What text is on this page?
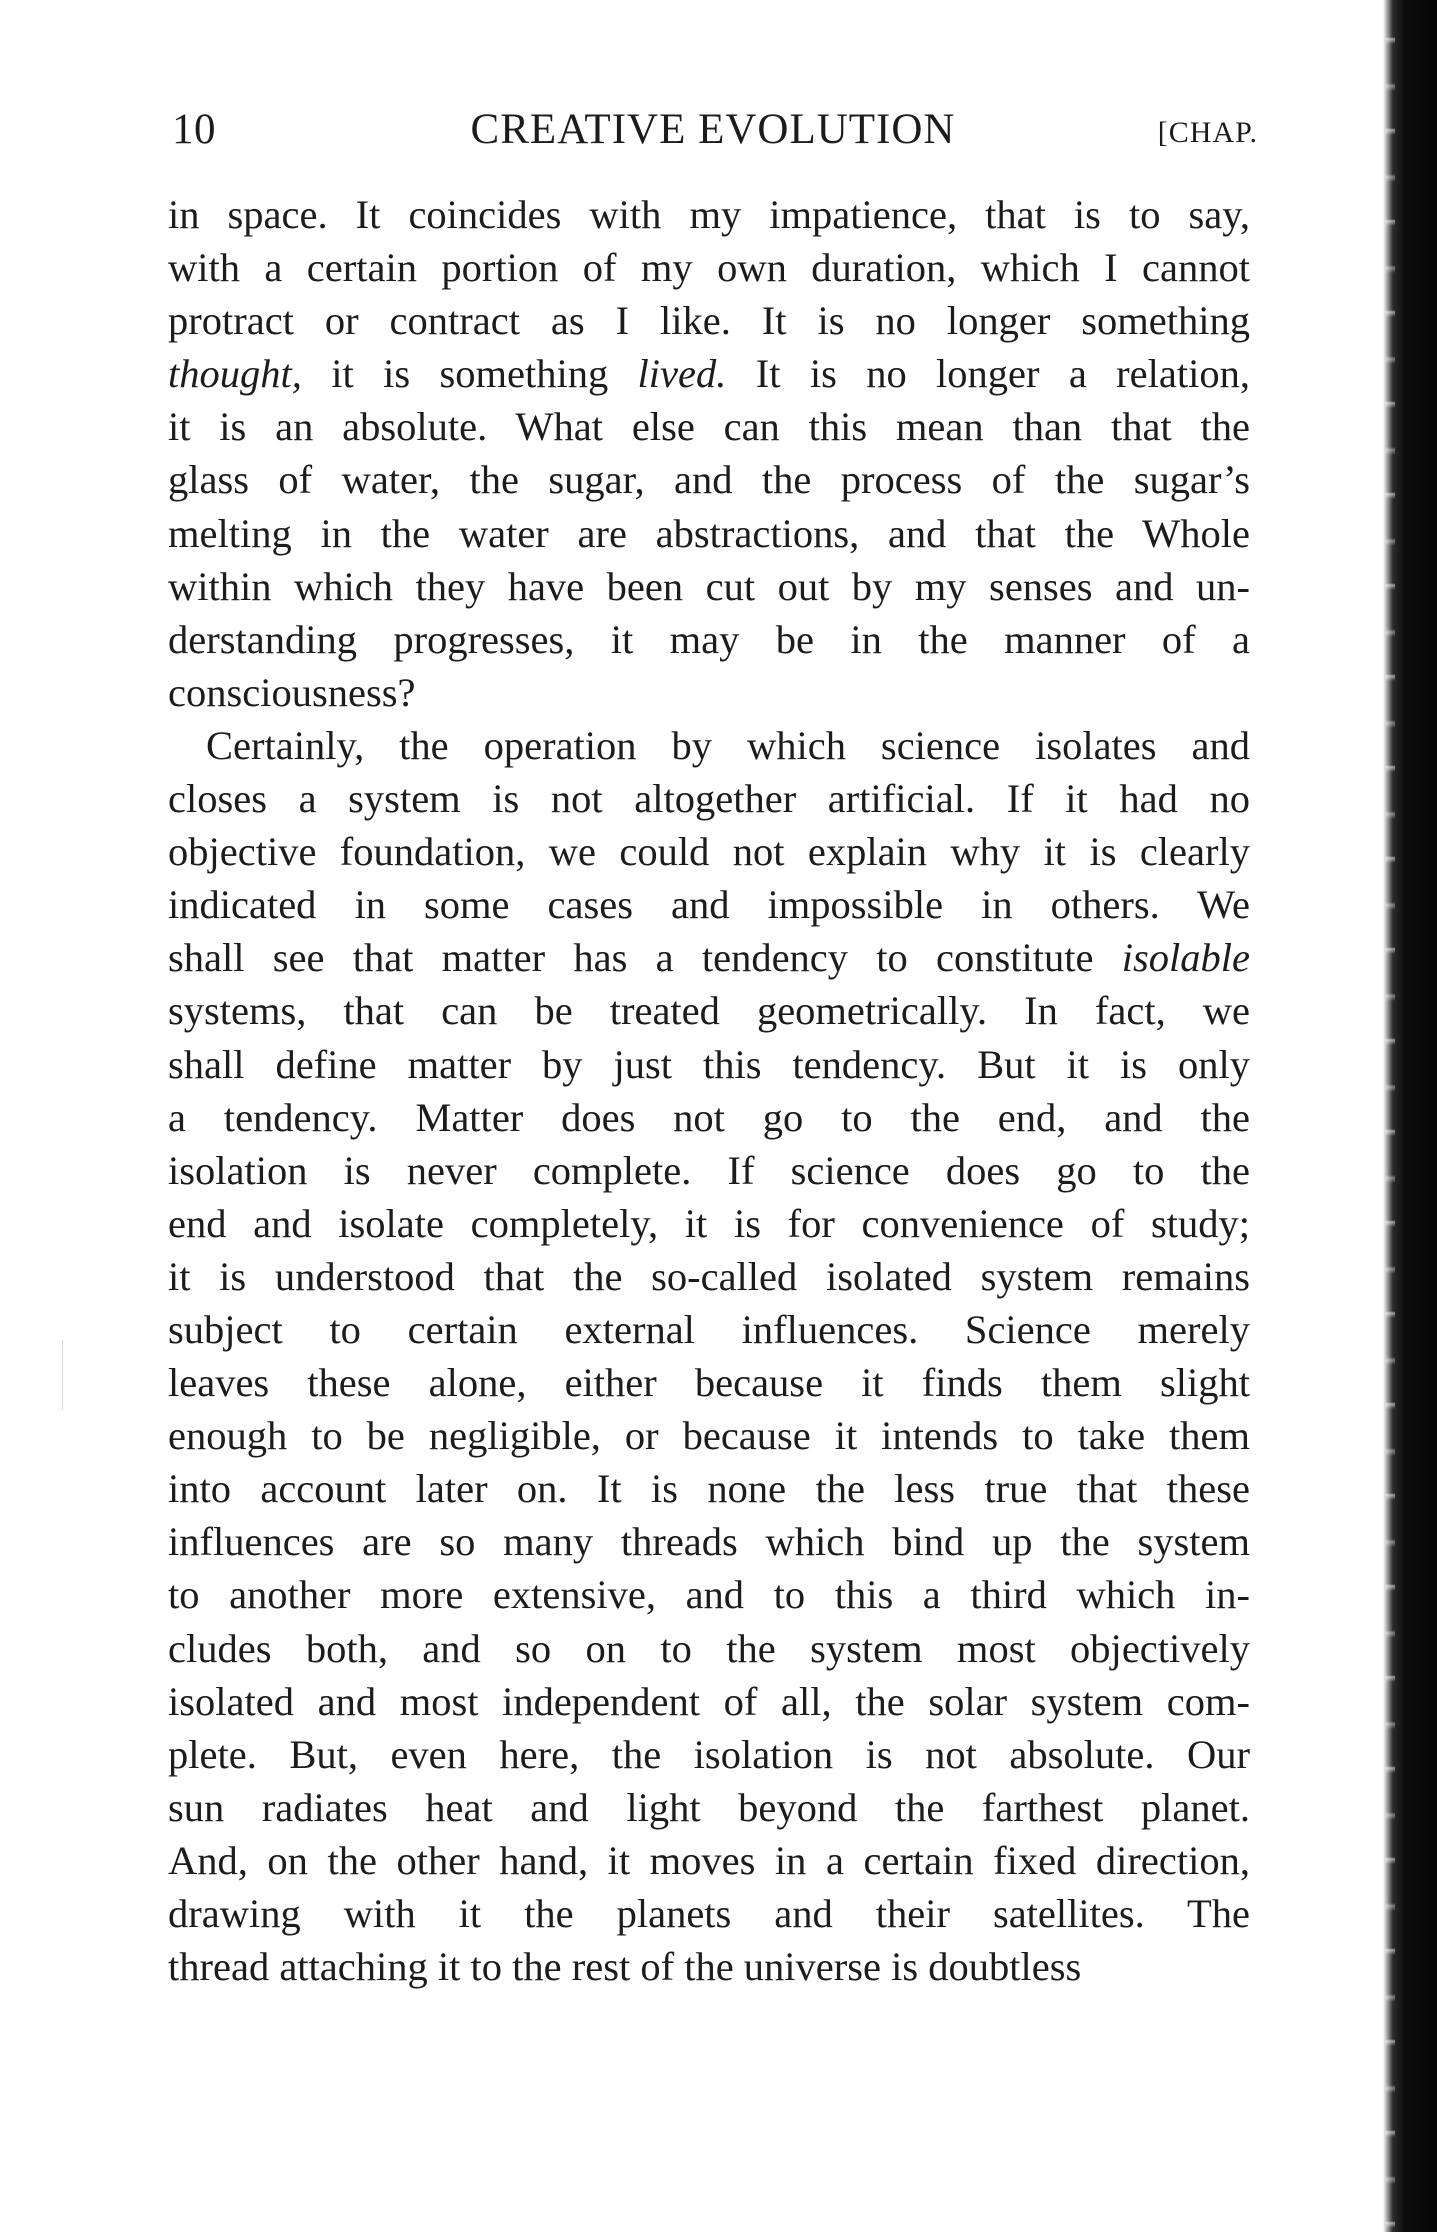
10	CREATIVE EVOLUTION	[CHAP.
in space. It coincides with my impatience, that is to say,
with a certain portion of my own duration, which I cannot
protract or contract as I like. It is no longer something
thought, it is something lived. It is no longer a relation,
it is an absolute. What else can this mean than that the
glass of water, the sugar, and the process of the sugar’s
melting in the water are abstractions, and that the Whole
within which they have been cut out by my senses and un-
derstanding progresses, it may be in the manner of a
consciousness?
Certainly, the operation by which science isolates and
closes a system is not altogether artificial. If it had no
objective foundation, we could not explain why it is clearly
indicated in some cases and impossible in others. We
shall see that matter has a tendency to constitute isolable
systems, that can be treated geometrically. In fact, we
shall define matter by just this tendency. But it is only
a tendency. Matter does not go to the end, and the
isolation is never complete. If science does go to the
end and isolate completely, it is for convenience of study;
it is understood that the so-called isolated system remains
subject to certain external influences. Science merely
leaves these alone, either because it finds them slight
enough to be negligible, or because it intends to take them
into account later on. It is none the less true that these
influences are so many threads which bind up the system
to another more extensive, and to this a third which in-
cludes both, and so on to the system most objectively
isolated and most independent of all, the solar system com-
plete. But, even here, the isolation is not absolute. Our
sun radiates heat and light beyond the farthest planet.
And, on the other hand, it moves in a certain fixed direction,
drawing with it the planets and their satellites. The
thread attaching it to the rest of the universe is doubtless
